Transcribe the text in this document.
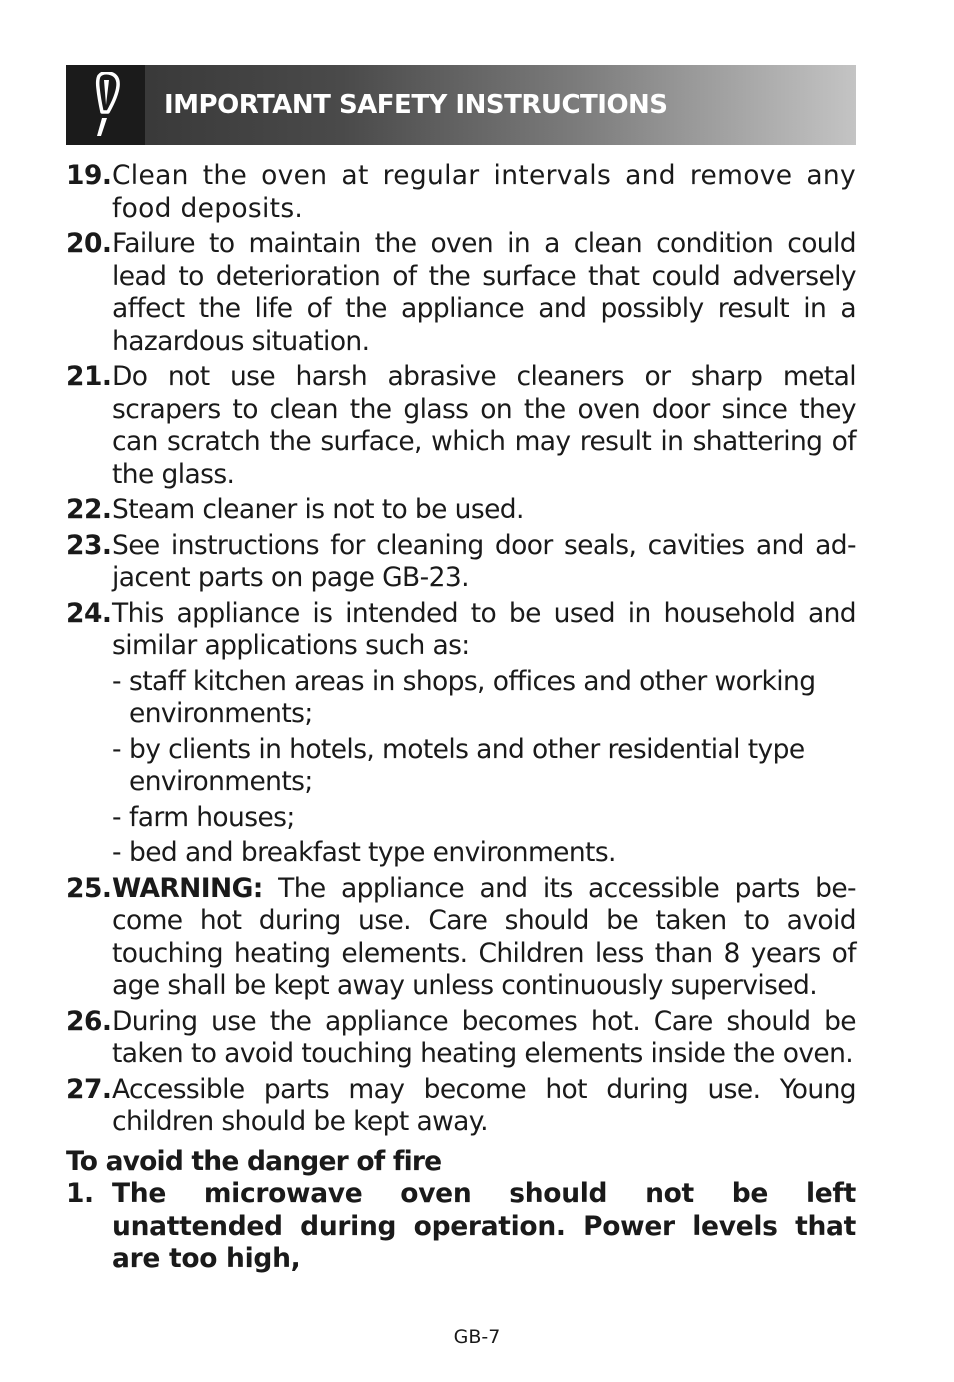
IMPORTANT SAFETY INSTRUCTIONS
19. Clean the oven at regular intervals and remove any food deposits.
20. Failure to maintain the oven in a clean condition could lead to deterioration of the surface that could adversely affect the life of the appliance and possibly result in a hazardous situation.
21. Do not use harsh abrasive cleaners or sharp metal scrapers to clean the glass on the oven door since they can scratch the surface, which may result in shattering of the glass.
22. Steam cleaner is not to be used.
23. See instructions for cleaning door seals, cavities and ad-jacent parts on page GB-23.
24. This appliance is intended to be used in household and similar applications such as:
- staff kitchen areas in shops, offices and other working environments;
- by clients in hotels, motels and other residential type environments;
- farm houses;
- bed and breakfast type environments.
25. WARNING: The appliance and its accessible parts be-come hot during use. Care should be taken to avoid touching heating elements. Children less than 8 years of age shall be kept away unless continuously supervised.
26. During use the appliance becomes hot. Care should be taken to avoid touching heating elements inside the oven.
27. Accessible parts may become hot during use. Young children should be kept away.
To avoid the danger of fire
1. The microwave oven should not be left unattended during operation. Power levels that are too high,
GB-7
